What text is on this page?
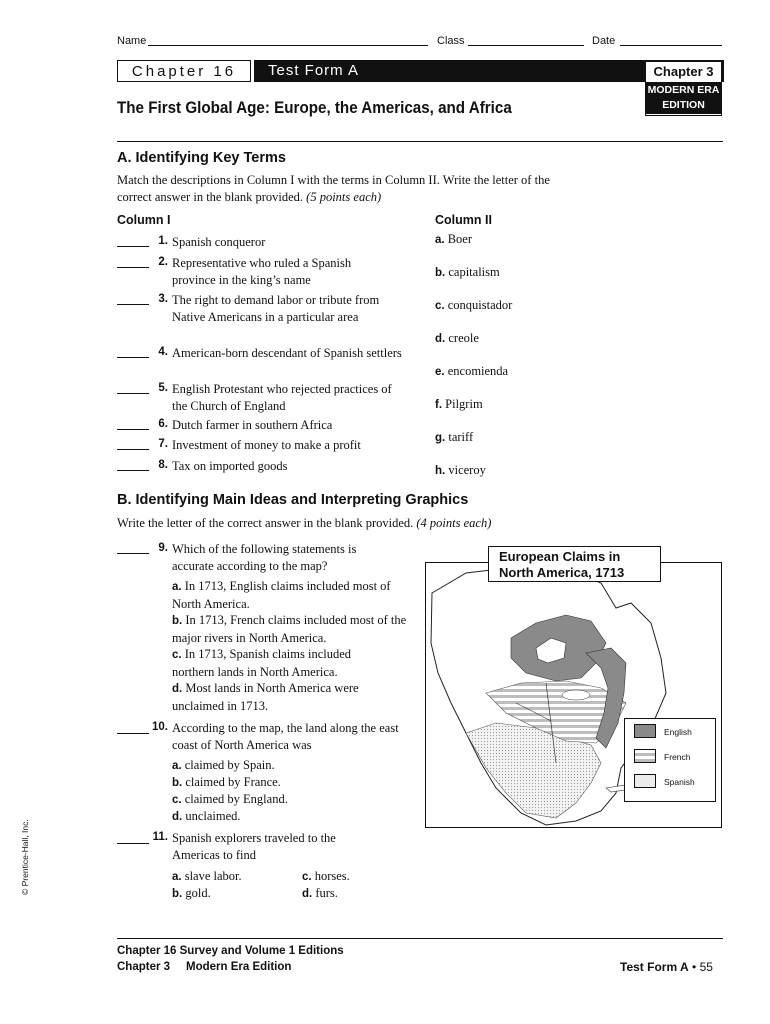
Name	Class	Date
Chapter 16	Test Form A	Chapter 3
MODERN ERA
EDITION
The First Global Age: Europe, the Americas, and Africa
A. Identifying Key Terms
Match the descriptions in Column I with the terms in Column II. Write the letter of the correct answer in the blank provided. (5 points each)
Column I	Column II
1. Spanish conqueror
2. Representative who ruled a Spanish province in the king’s name
3. The right to demand labor or tribute from Native Americans in a particular area
4. American-born descendant of Spanish settlers
5. English Protestant who rejected practices of the Church of England
6. Dutch farmer in southern Africa
7. Investment of money to make a profit
8. Tax on imported goods
a. Boer
b. capitalism
c. conquistador
d. creole
e. encomienda
f. Pilgrim
g. tariff
h. viceroy
B. Identifying Main Ideas and Interpreting Graphics
Write the letter of the correct answer in the blank provided. (4 points each)
9. Which of the following statements is accurate according to the map?
a. In 1713, English claims included most of North America.
b. In 1713, French claims included most of the major rivers in North America.
c. In 1713, Spanish claims included northern lands in North America.
d. Most lands in North America were unclaimed in 1713.
10. According to the map, the land along the east coast of North America was
a. claimed by Spain.
b. claimed by France.
c. claimed by England.
d. unclaimed.
11. Spanish explorers traveled to the Americas to find
a. slave labor.
b. gold.
c. horses.
d. furs.
European Claims in
North America, 1713
English
French
Spanish
Chapter 16 Survey and Volume 1 Editions
Chapter 3 Modern Era Edition	Test Form A • 55
© Prentice-Hall, Inc.
